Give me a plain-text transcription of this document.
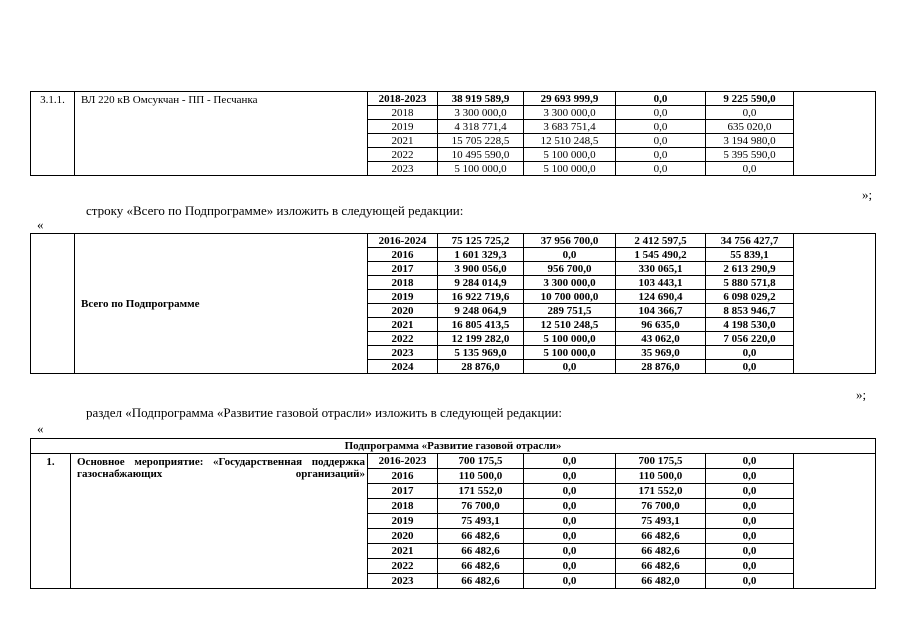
3.1.1.	ВЛ 220 кВ Омсукчан - ПП - Песчанка	2018-2023	38 919 589,9	29 693 999,9	0,0	9 225 590,0	
		2018	3 300 000,0	3 300 000,0	0,0	0,0	
		2019	4 318 771,4	3 683 751,4	0,0	635 020,0	
		2021	15 705 228,5	12 510 248,5	0,0	3 194 980,0	
		2022	10 495 590,0	5 100 000,0	0,0	5 395 590,0	
		2023	5 100 000,0	5 100 000,0	0,0	0,0	
»;
строку «Всего по Подпрограмме» изложить в следующей редакции:
«
	Всего по Подпрограмме	2016-2024	75 125 725,2	37 956 700,0	2 412 597,5	34 756 427,7	
		2016	1 601 329,3	0,0	1 545 490,2	55 839,1	
		2017	3 900 056,0	956 700,0	330 065,1	2 613 290,9	
		2018	9 284 014,9	3 300 000,0	103 443,1	5 880 571,8	
		2019	16 922 719,6	10 700 000,0	124 690,4	6 098 029,2	
		2020	9 248 064,9	289 751,5	104 366,7	8 853 946,7	
		2021	16 805 413,5	12 510 248,5	96 635,0	4 198 530,0	
		2022	12 199 282,0	5 100 000,0	43 062,0	7 056 220,0	
		2023	5 135 969,0	5 100 000,0	35 969,0	0,0	
		2024	28 876,0	0,0	28 876,0	0,0	
»;
раздел «Подпрограмма «Развитие газовой отрасли» изложить в следующей редакции:
«
Подпрограмма «Развитие газовой отрасли»							
1.	Основное мероприятие: «Государственная поддержка газоснабжающих организаций»	2016-2023	700 175,5	0,0	700 175,5	0,0	
		2016	110 500,0	0,0	110 500,0	0,0	
		2017	171 552,0	0,0	171 552,0	0,0	
		2018	76 700,0	0,0	76 700,0	0,0	
		2019	75 493,1	0,0	75 493,1	0,0	
		2020	66 482,6	0,0	66 482,6	0,0	
		2021	66 482,6	0,0	66 482,6	0,0	
		2022	66 482,6	0,0	66 482,6	0,0	
		2023	66 482,6	0,0	66 482,0	0,0	
